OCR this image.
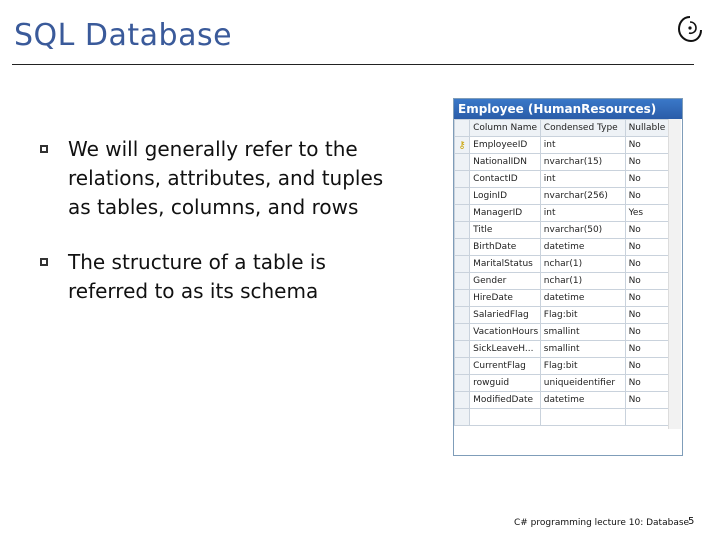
SQL Database
We will generally refer to the relations, attributes, and tuples as tables, columns, and rows
The structure of a table is referred to as its schema
Employee (HumanResources)
	Column Name	Condensed Type	Nullable
⚷	EmployeeID	int	No
	NationalIDN	nvarchar(15)	No
	ContactID	int	No
	LoginID	nvarchar(256)	No
	ManagerID	int	Yes
	Title	nvarchar(50)	No
	BirthDate	datetime	No
	MaritalStatus	nchar(1)	No
	Gender	nchar(1)	No
	HireDate	datetime	No
	SalariedFlag	Flag:bit	No
	VacationHours	smallint	No
	SickLeaveH...	smallint	No
	CurrentFlag	Flag:bit	No
	rowguid	uniqueidentifier	No
	ModifiedDate	datetime	No

C# programming lecture 10: Database
5
